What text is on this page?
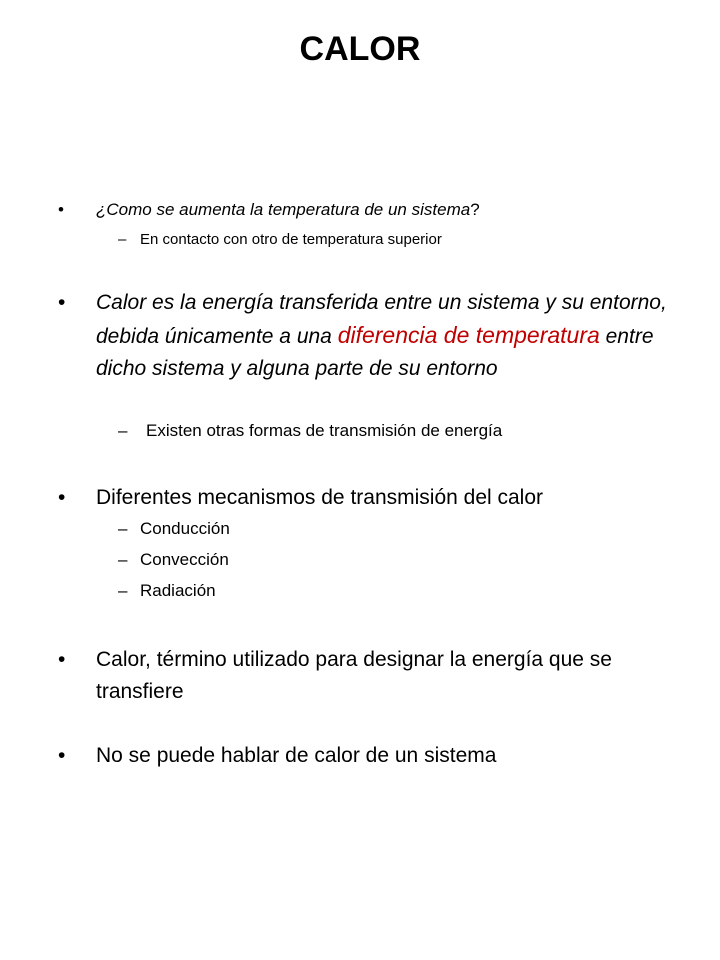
CALOR
•	¿Como se aumenta la temperatura de un sistema?
– En contacto con otro de temperatura superior
•	Calor es la energía transferida entre un sistema y su entorno, debida únicamente a una diferencia de temperatura entre dicho sistema y alguna parte de su entorno
–	Existen otras formas de transmisión de energía
•	Diferentes mecanismos de transmisión del calor
– Conducción
– Convección
– Radiación
•	Calor, término utilizado para designar la energía que se transfiere
•	No se puede hablar de calor de un sistema
